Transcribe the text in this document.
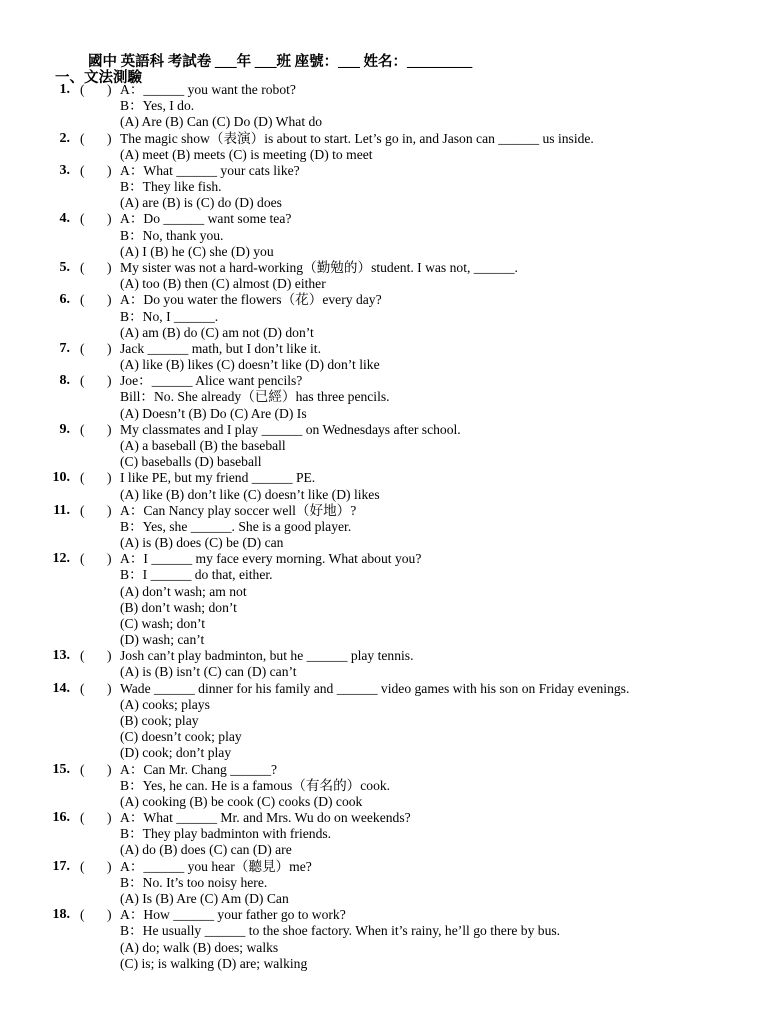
國中 英語科 考試卷 ___年 ___班 座號：___ 姓名：_________
一、文法測驗
1. ( ) A：______ you want the robot?
B：Yes, I do.
(A) Are (B) Can (C) Do (D) What do
2. ( ) The magic show（表演）is about to start. Let’s go in, and Jason can ______ us inside.
(A) meet (B) meets (C) is meeting (D) to meet
3. ( ) A：What ______ your cats like?
B：They like fish.
(A) are (B) is (C) do (D) does
4. ( ) A：Do ______ want some tea?
B：No, thank you.
(A) I (B) he (C) she (D) you
5. ( ) My sister was not a hard-working（勤勉的）student. I was not, ______.
(A) too (B) then (C) almost (D) either
6. ( ) A：Do you water the flowers（花）every day?
B：No, I ______.
(A) am (B) do (C) am not (D) don’t
7. ( ) Jack ______ math, but I don’t like it.
(A) like (B) likes (C) doesn’t like (D) don’t like
8. ( ) Joe：______ Alice want pencils?
Bill：No. She already（已經）has three pencils.
(A) Doesn’t (B) Do (C) Are (D) Is
9. ( ) My classmates and I play ______ on Wednesdays after school.
(A) a baseball (B) the baseball
(C) baseballs (D) baseball
10. ( ) I like PE, but my friend ______ PE.
(A) like (B) don’t like (C) doesn’t like (D) likes
11. ( ) A：Can Nancy play soccer well（好地）?
B：Yes, she ______. She is a good player.
(A) is (B) does (C) be (D) can
12. ( ) A：I ______ my face every morning. What about you?
B：I ______ do that, either.
(A) don’t wash; am not
(B) don’t wash; don’t
(C) wash; don’t
(D) wash; can’t
13. ( ) Josh can’t play badminton, but he ______ play tennis.
(A) is (B) isn’t (C) can (D) can’t
14. ( ) Wade ______ dinner for his family and ______ video games with his son on Friday evenings.
(A) cooks; plays
(B) cook; play
(C) doesn’t cook; play
(D) cook; don’t play
15. ( ) A：Can Mr. Chang ______?
B：Yes, he can. He is a famous（有名的）cook.
(A) cooking (B) be cook (C) cooks (D) cook
16. ( ) A：What ______ Mr. and Mrs. Wu do on weekends?
B：They play badminton with friends.
(A) do (B) does (C) can (D) are
17. ( ) A：______ you hear（聽見）me?
B：No. It’s too noisy here.
(A) Is (B) Are (C) Am (D) Can
18. ( ) A：How ______ your father go to work?
B：He usually ______ to the shoe factory. When it’s rainy, he’ll go there by bus.
(A) do; walk (B) does; walks
(C) is; is walking (D) are; walking
